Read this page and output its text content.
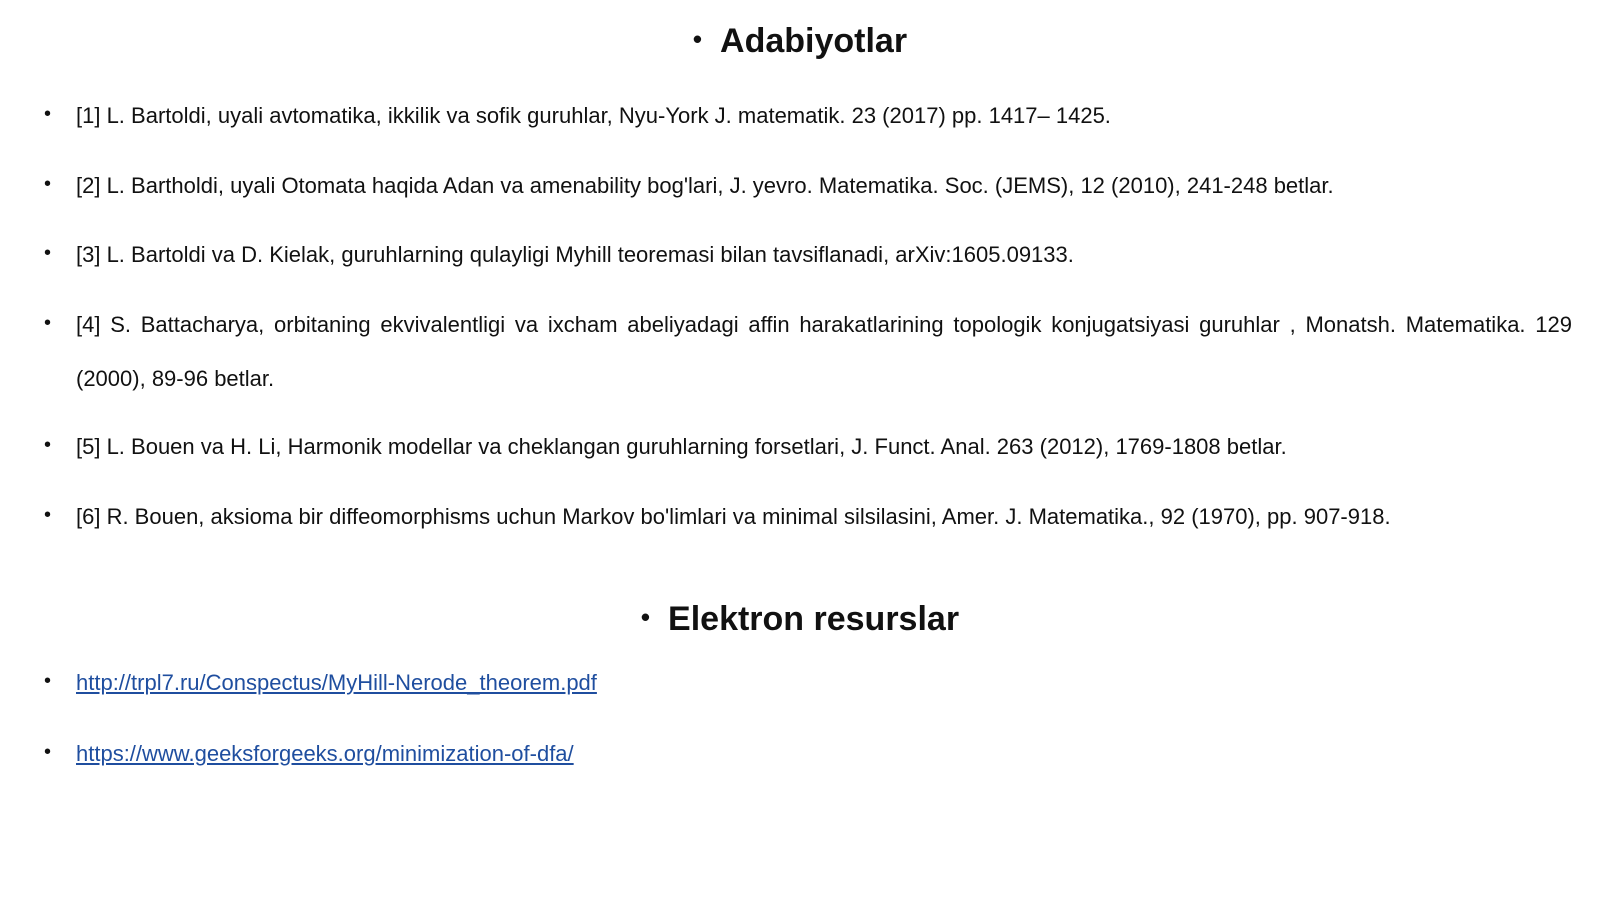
• Adabiyotlar
• [1] L. Bartoldi, uyali avtomatika, ikkilik va sofik guruhlar, Nyu-York J. matematik. 23 (2017) pp. 1417– 1425.
• [2] L. Bartholdi, uyali Otomata haqida Adan va amenability bog'lari, J. yevro. Matematika. Soc. (JEMS), 12 (2010), 241-248 betlar.
• [3] L. Bartoldi va D. Kielak, guruhlarning qulayligi Myhill teoremasi bilan tavsiflanadi, arXiv:1605.09133.
• [4] S. Battacharya, orbitaning ekvivalentligi va ixcham abeliyadagi affin harakatlarining topologik konjugatsiyasi guruhlar , Monatsh. Matematika. 129 (2000), 89-96 betlar.
• [5] L. Bouen va H. Li, Harmonik modellar va cheklangan guruhlarning forsetlari, J. Funct. Anal. 263 (2012), 1769-1808 betlar.
• [6] R. Bouen, aksioma bir diffeomorphisms uchun Markov bo'limlari va minimal silsilasini, Amer. J. Matematika., 92 (1970), pp. 907-918.
• Elektron resurslar
• http://trpl7.ru/Conspectus/MyHill-Nerode_theorem.pdf
• https://www.geeksforgeeks.org/minimization-of-dfa/
